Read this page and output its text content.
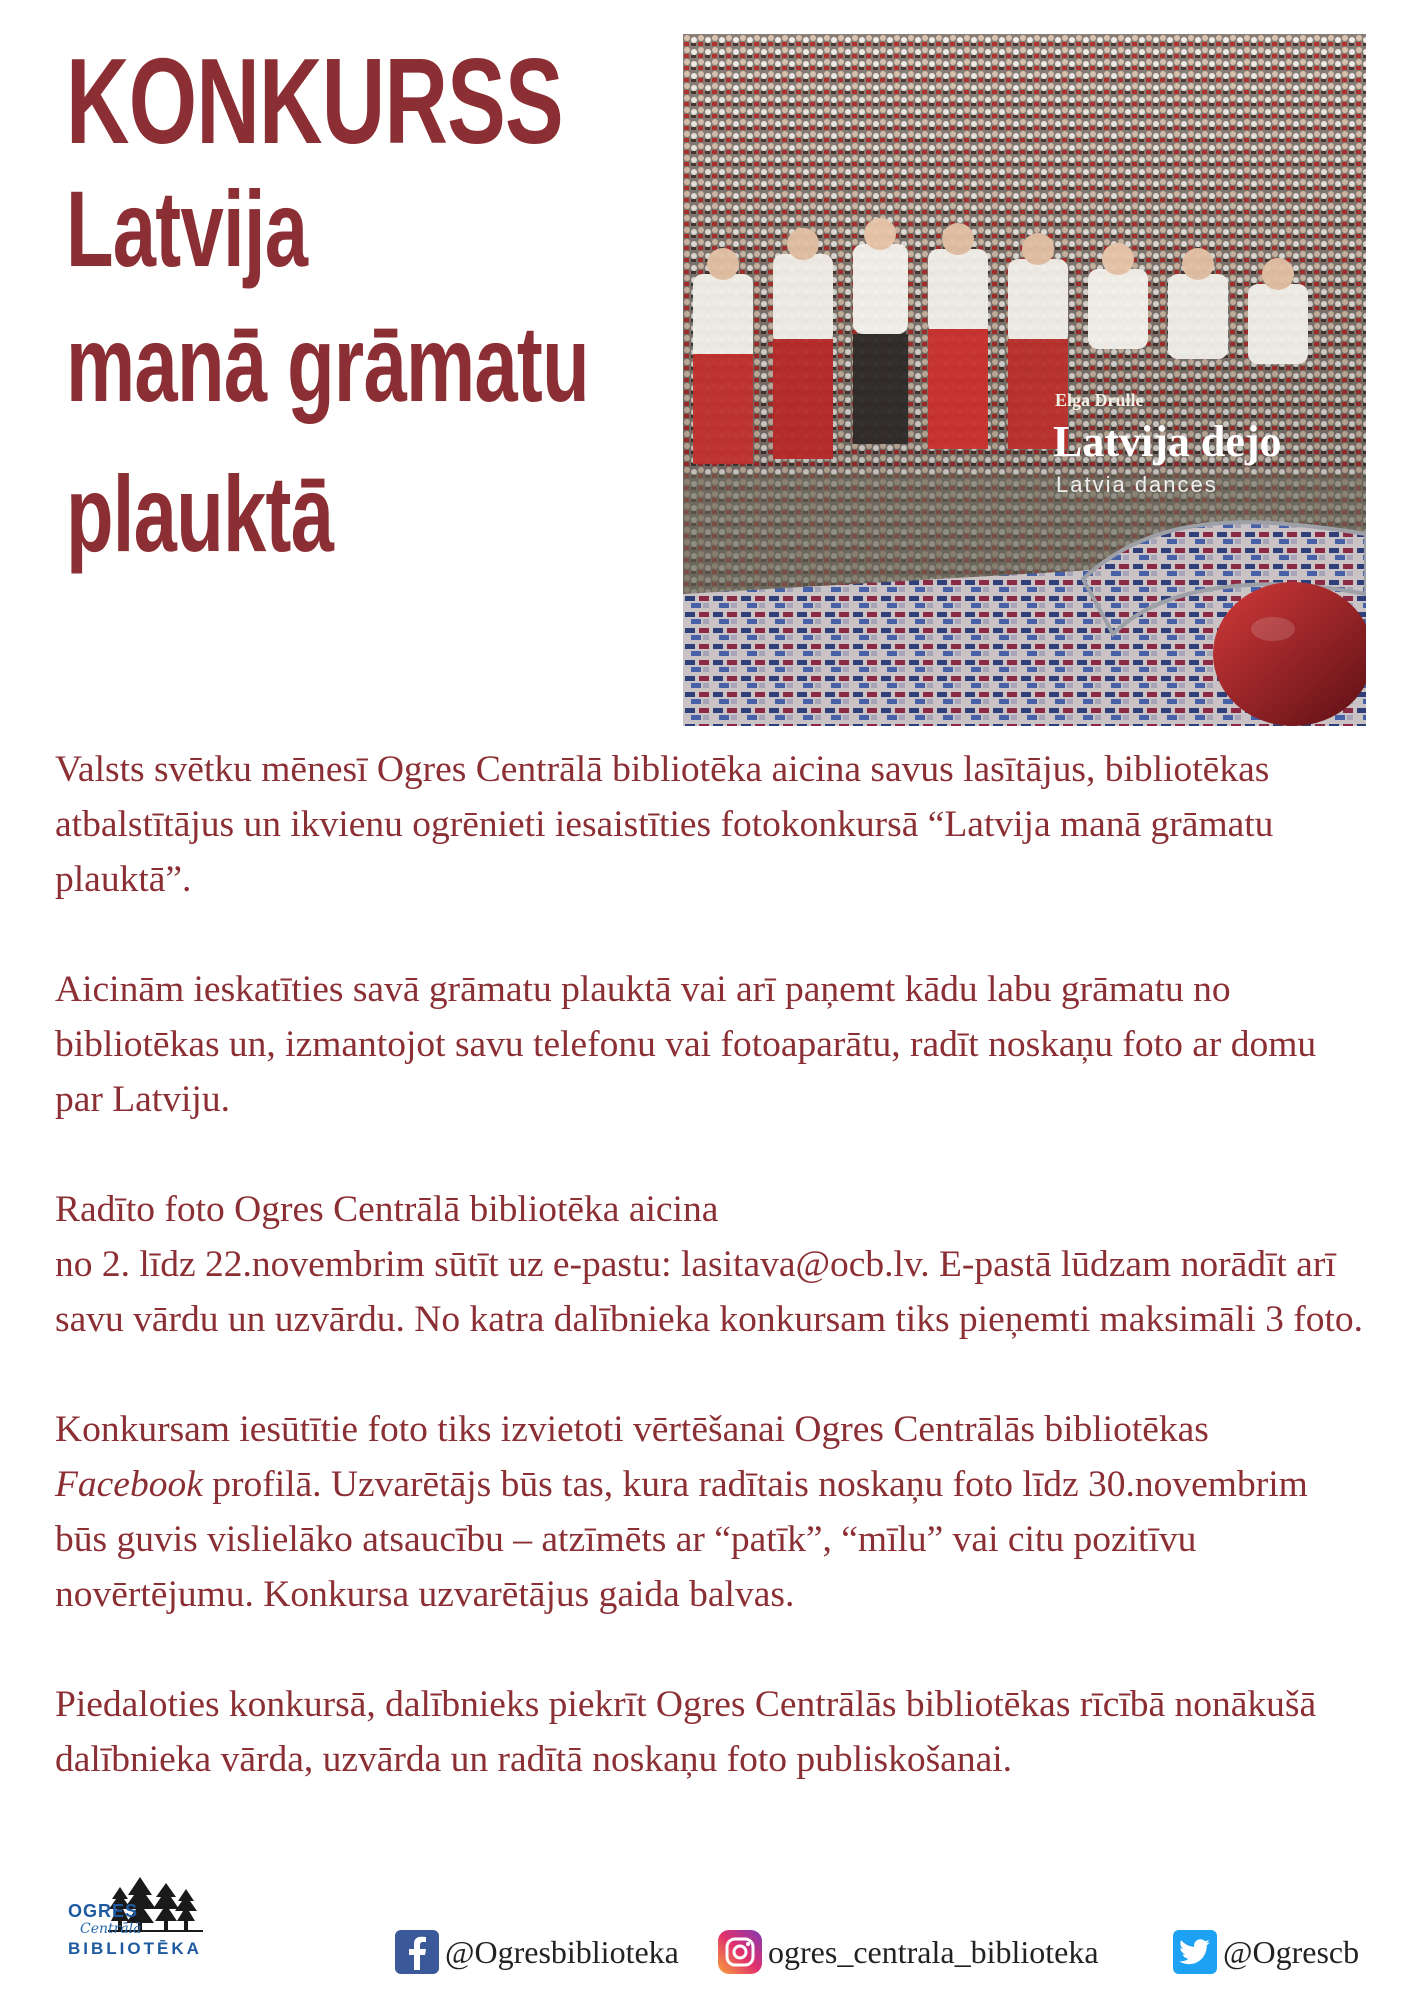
KONKURSS
Latvija
manā grāmatu
plauktā
Elga Drulle
Latvija dejo
Latvia dances

Valsts svētku mēnesī Ogres Centrālā bibliotēka aicina savus lasītājus, bibliotēkas atbalstītājus un ikvienu ogrēnieti iesaistīties fotokonkursā “Latvija manā grāmatu plauktā”.

Aicinām ieskatīties savā grāmatu plauktā vai arī paņemt kādu labu grāmatu no bibliotēkas un, izmantojot savu telefonu vai fotoaparātu, radīt noskaņu foto ar domu par Latviju.

Radīto foto Ogres Centrālā bibliotēka aicina
no 2. līdz 22.novembrim sūtīt uz e-pastu: lasitava@ocb.lv. E-pastā lūdzam norādīt arī savu vārdu un uzvārdu. No katra dalībnieka konkursam tiks pieņemti maksimāli 3 foto.

Konkursam iesūtītie foto tiks izvietoti vērtēšanai Ogres Centrālās bibliotēkas Facebook profilā. Uzvarētājs būs tas, kura radītais noskaņu foto līdz 30.novembrim būs guvis vislielāko atsaucību – atzīmēts ar “patīk”, “mīlu” vai citu pozitīvu novērtējumu. Konkursa uzvarētājus gaida balvas.

Piedaloties konkursā, dalībnieks piekrīt Ogres Centrālās bibliotēkas rīcībā nonākušā dalībnieka vārda, uzvārda un radītā noskaņu foto publiskošanai.

OGRES
Centrālā
BIBLIOTĒKA	@Ogresbiblioteka	ogres_centrala_biblioteka	@Ogrescb
